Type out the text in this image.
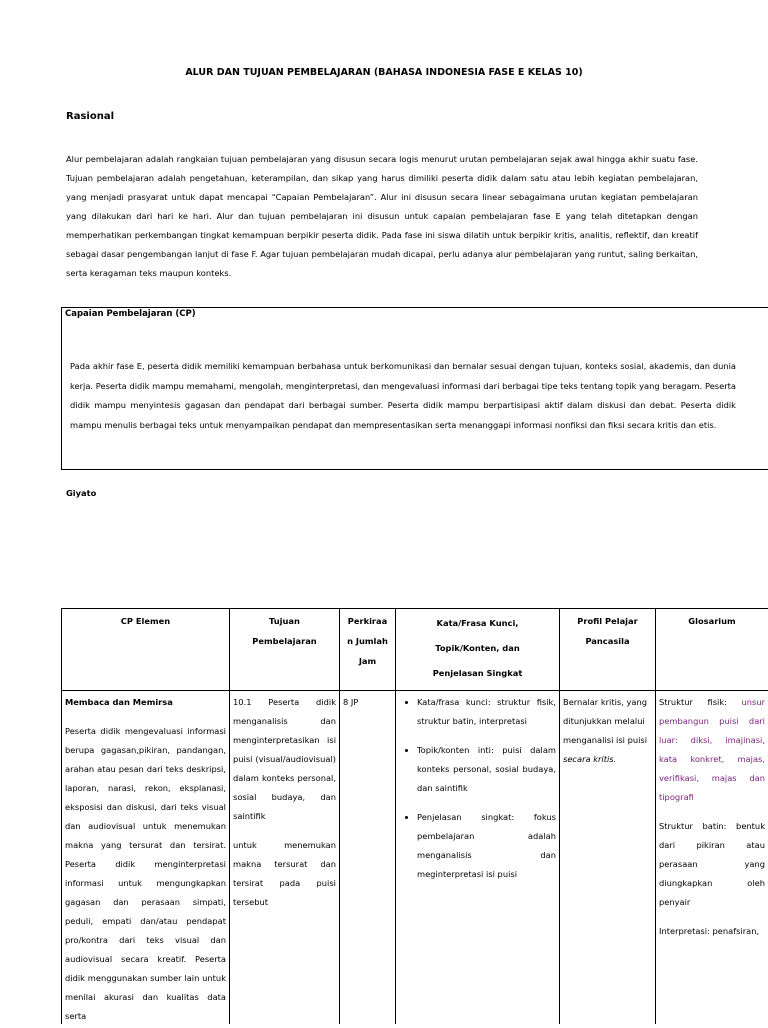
ALUR DAN TUJUAN PEMBELAJARAN (BAHASA INDONESIA FASE E KELAS 10)
Rasional
Alur pembelajaran adalah rangkaian tujuan pembelajaran yang disusun secara logis menurut urutan pembelajaran sejak awal hingga akhir suatu fase. Tujuan pembelajaran adalah pengetahuan, keterampilan, dan sikap yang harus dimiliki peserta didik dalam satu atau lebih kegiatan pembelajaran, yang menjadi prasyarat untuk dapat mencapai “Capaian Pembelajaran”. Alur ini disusun secara linear sebagaimana urutan kegiatan pembelajaran yang dilakukan dari hari ke hari. Alur dan tujuan pembelajaran ini disusun untuk capaian pembelajaran fase E yang telah ditetapkan dengan memperhatikan perkembangan tingkat kemampuan berpikir peserta didik. Pada fase ini siswa dilatih untuk berpikir kritis, analitis, reflektif, dan kreatif sebagai dasar pengembangan lanjut di fase F. Agar tujuan pembelajaran mudah dicapai, perlu adanya alur pembelajaran yang runtut, saling berkaitan, serta keragaman teks maupun konteks.
Capaian Pembelajaran (CP)
Pada akhir fase E, peserta didik memiliki kemampuan berbahasa untuk berkomunikasi dan bernalar sesuai dengan tujuan, konteks sosial, akademis, dan dunia kerja. Peserta didik mampu memahami, mengolah, menginterpretasi, dan mengevaluasi informasi dari berbagai tipe teks tentang topik yang beragam. Peserta didik mampu menyintesis gagasan dan pendapat dari berbagai sumber. Peserta didik mampu berpartisipasi aktif dalam diskusi dan debat. Peserta didik mampu menulis berbagai teks untuk menyampaikan pendapat dan mempresentasikan serta menanggapi informasi nonfiksi dan fiksi secara kritis dan etis.
Giyato
CP Elemen	Tujuan
Pembelajaran
Perkiraa
n Jumlah
Jam
Kata/Frasa Kunci,
Topik/Konten, dan
Penjelasan Singkat
Profil Pelajar
Pancasila
Glosarium
Membaca dan Memirsa
Peserta didik mengevaluasi informasi berupa gagasan,pikiran, pandangan, arahan atau pesan dari teks deskripsi, laporan, narasi, rekon, eksplanasi, eksposisi dan diskusi, dari teks visual dan audiovisual untuk menemukan makna yang tersurat dan tersirat. Peserta didik menginterpretasi informasi untuk mengungkapkan gagasan dan perasaan simpati, peduli, empati dan/atau pendapat pro/kontra dari teks visual dan audiovisual secara kreatif. Peserta didik menggunakan sumber lain untuk menilai akurasi dan kualitas data serta
10.1 Peserta didik menganalisis dan menginterpretasikan isi puisi (visual/audiovisual) dalam konteks personal, sosial budaya, dan saintifik
untuk menemukan makna tersurat dan tersirat pada puisi tersebut
8 JP
•	Kata/frasa kunci: struktur fisik, struktur batin, interpretasi
• Topik/konten inti: puisi dalam konteks personal, sosial budaya, dan saintifik
• Penjelasan singkat: fokus pembelajaran adalah menganalisis dan meginterpretasi isi puisi
Bernalar kritis, yang ditunjukkan melalui menganalisi isi puisi secara kritis.
Struktur fisik: unsur pembangun puisi dari luar: diksi, imajinasi, kata konkret, majas, verifikasi, majas dan tipografi
Struktur batin: bentuk dari pikiran atau perasaan yang diungkapkan oleh penyair
Interpretasi: penafsiran,
